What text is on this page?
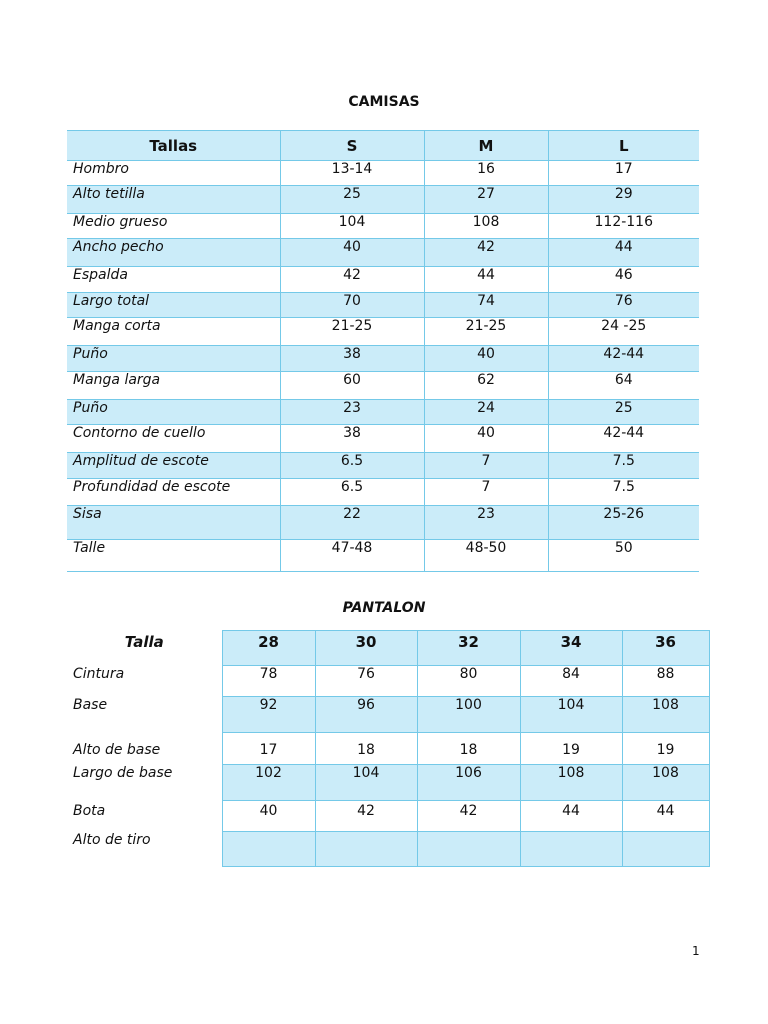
CAMISAS
Tallas	S	M	L
Hombro	13-14	16	17
Alto tetilla	25	27	29
Medio grueso	104	108	112-116
Ancho pecho	40	42	44
Espalda	42	44	46
Largo total	70	74	76
Manga corta	21-25	21-25	24 -25
Puño	38	40	42-44
Manga larga	60	62	64
Puño	23	24	25
Contorno de cuello	38	40	42-44
Amplitud de escote	6.5	7	7.5
Profundidad de escote	6.5	7	7.5
Sisa	22	23	25-26
Talle	47-48	48-50	50
PANTALON
Talla	28	30	32	34	36
Cintura	78	76	80	84	88
Base	92	96	100	104	108
Alto de base	17	18	18	19	19
Largo de base	102	104	106	108	108
Bota	40	42	42	44	44
Alto de tiro					
1
